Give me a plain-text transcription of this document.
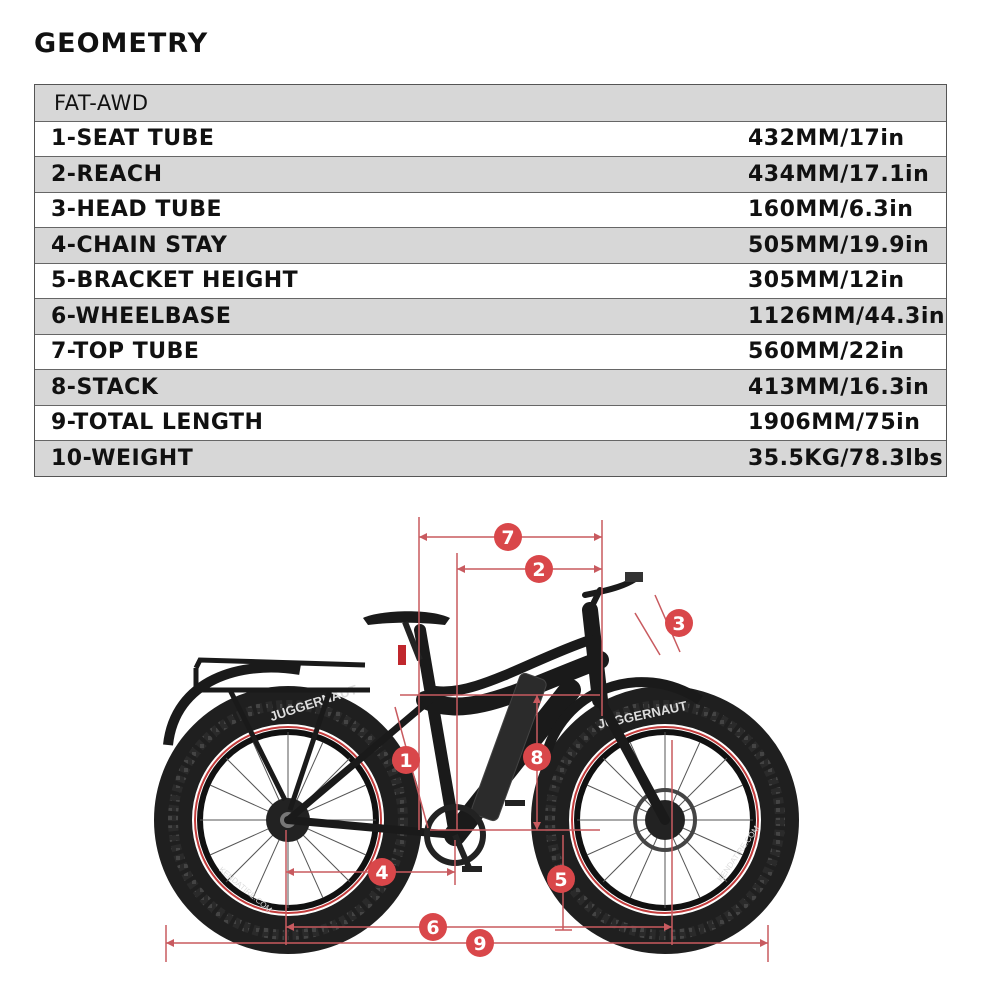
GEOMETRY
FAT-AWD
1-SEAT TUBE	432MM/17in
2-REACH	434MM/17.1in
3-HEAD TUBE	160MM/6.3in
4-CHAIN STAY	505MM/19.9in
5-BRACKET HEIGHT	305MM/12in
6-WHEELBASE	1126MM/44.3in
7-TOP TUBE	560MM/22in
8-STACK	413MM/16.3in
9-TOTAL LENGTH	1906MM/75in
10-WEIGHT	35.5KG/78.3lbs
JUGGERNAUT	JUGGERNAUT
KENDATIRE.COM
KENDATIRE.COM
7
2
3
1	8
4	5
6
9
